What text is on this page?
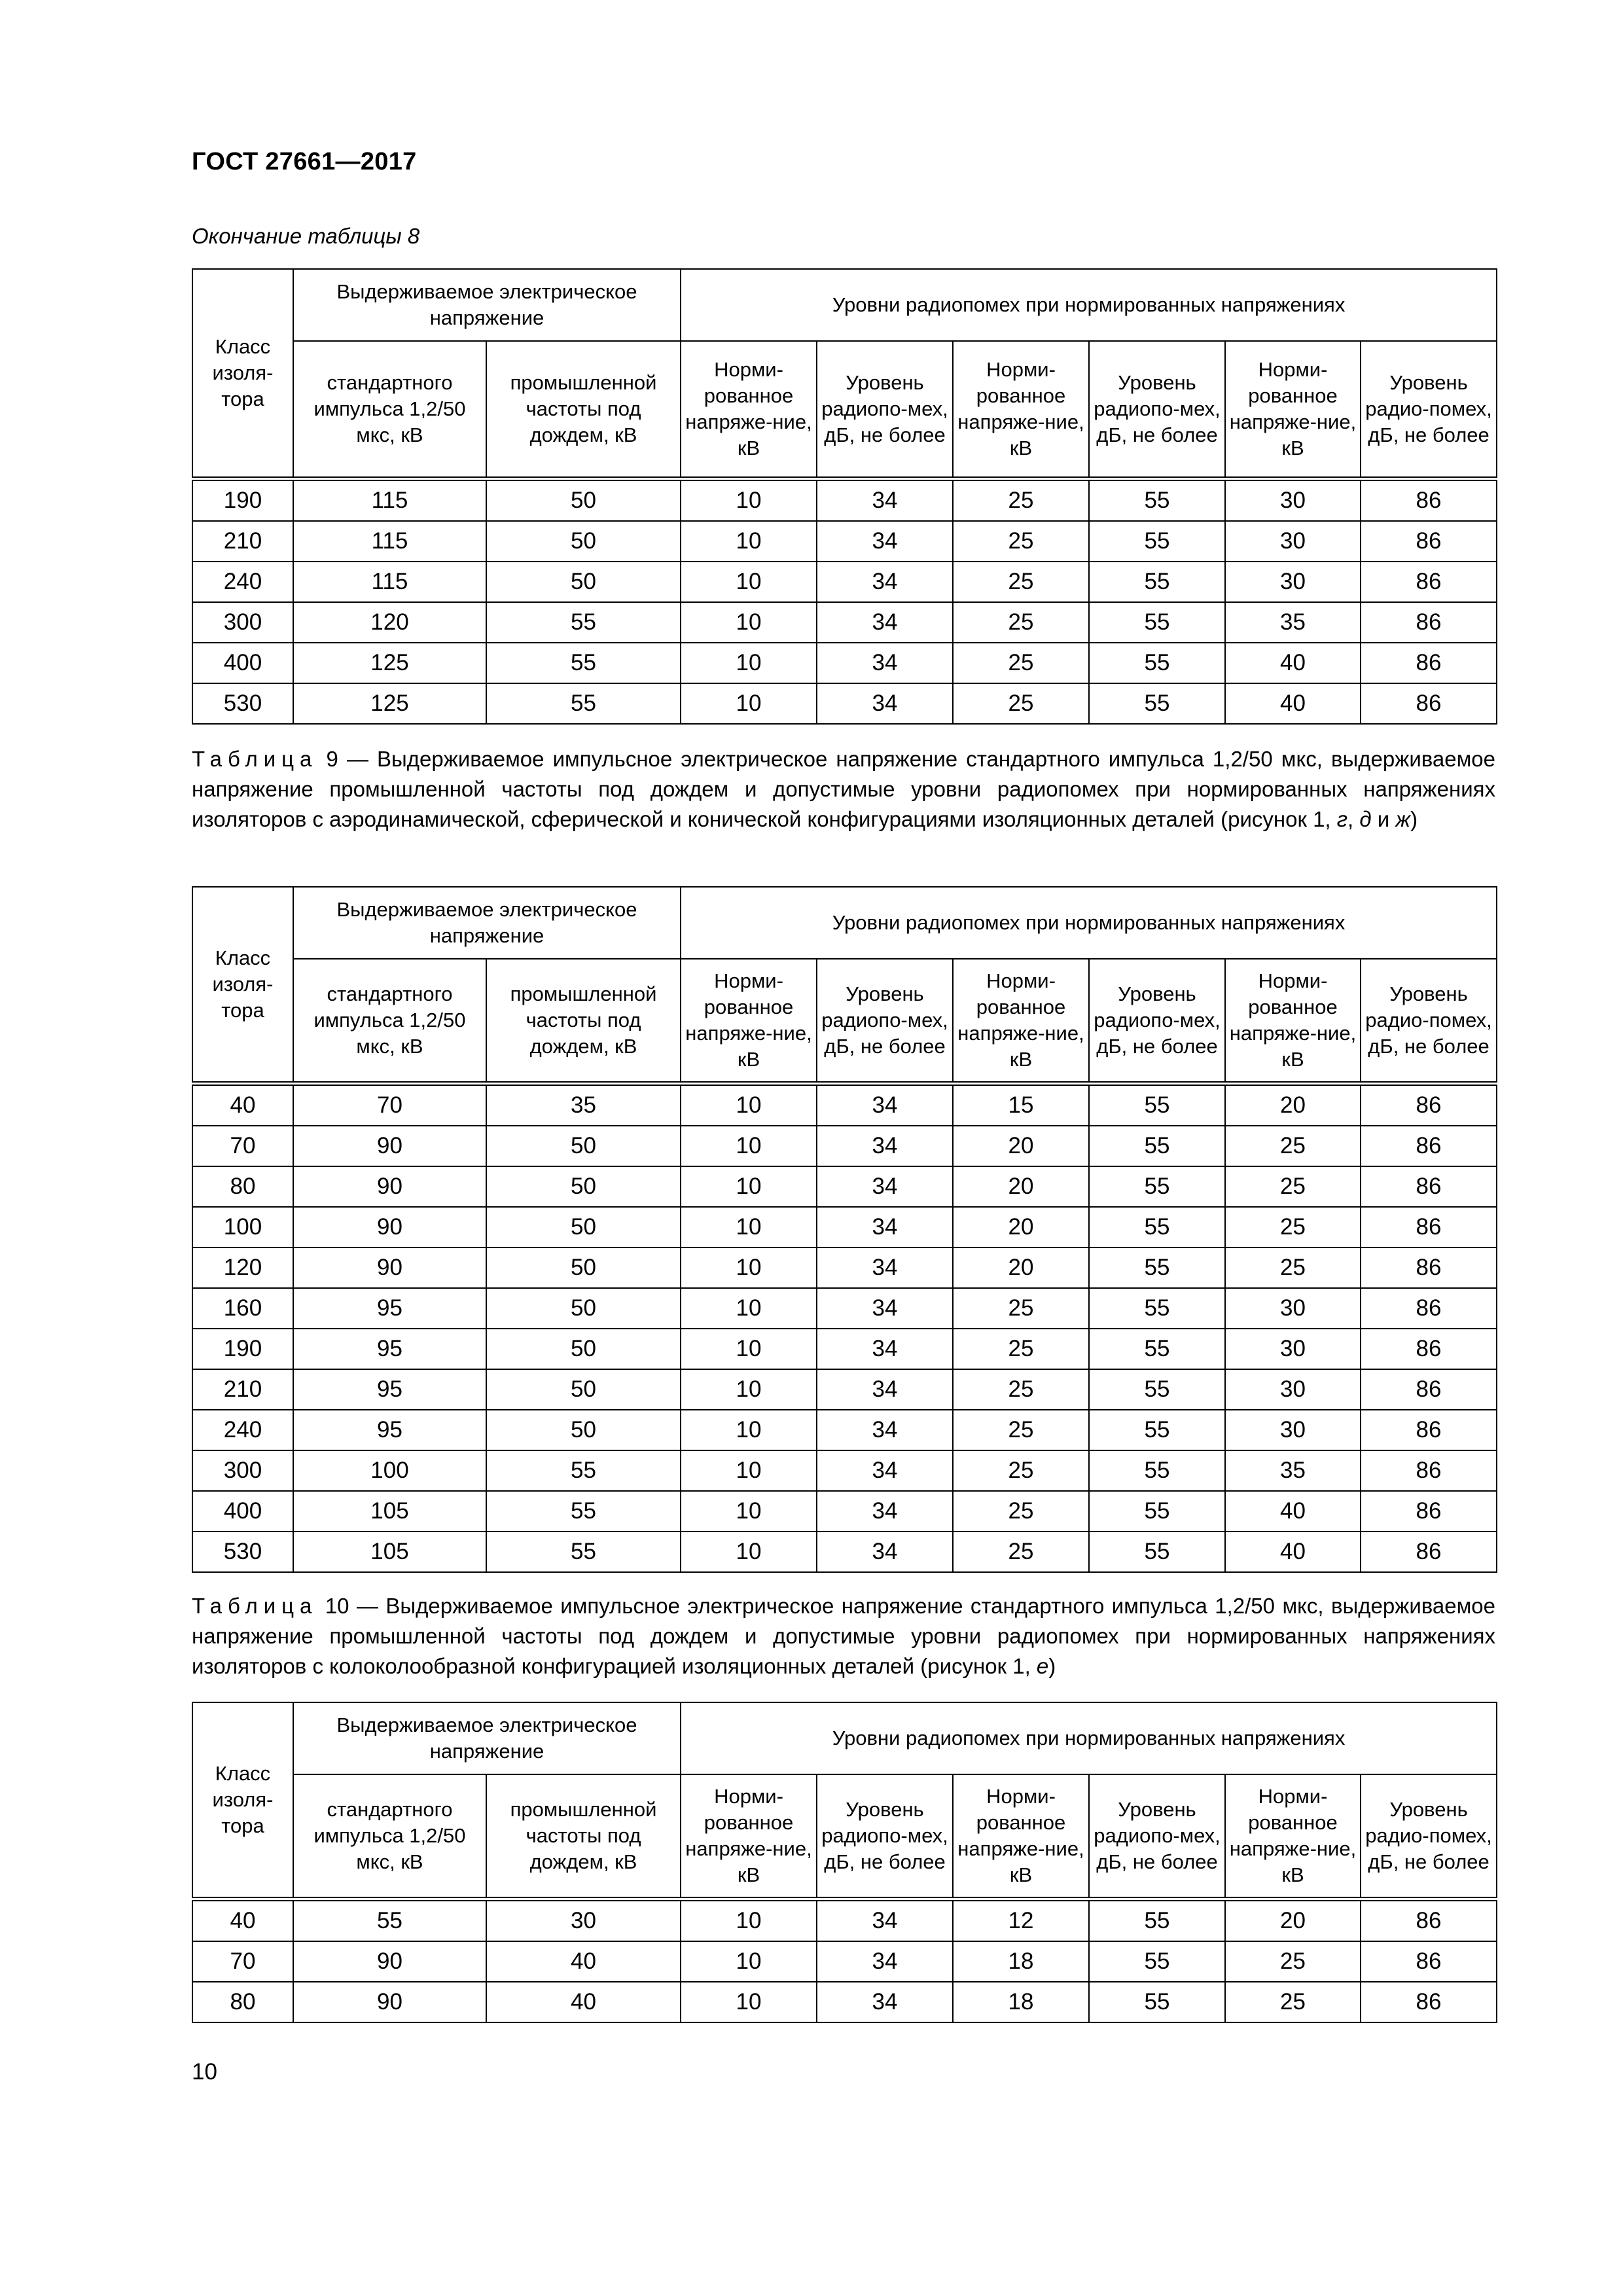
ГОСТ 27661—2017
Окончание таблицы 8
Класс изоля-тора	Выдерживаемое электрическое напряжение		Уровни радиопомех при нормированных напряжениях					
	стандартного импульса 1,2/50 мкс, кВ	промышленной частоты под дождем, кВ	Норми-рованное напряже-ние, кВ	Уровень радиопо-мех, дБ, не более	Норми-рованное напряже-ние, кВ	Уровень радиопо-мех, дБ, не более	Норми-рованное напряже-ние, кВ	Уровень радио-помех, дБ, не более
190	115	50	10	34	25	55	30	86
210	115	50	10	34	25	55	30	86
240	115	50	10	34	25	55	30	86
300	120	55	10	34	25	55	35	86
400	125	55	10	34	25	55	40	86
530	125	55	10	34	25	55	40	86
Таблица 9 — Выдерживаемое импульсное электрическое напряжение стандартного импульса 1,2/50 мкс, выдерживаемое напряжение промышленной частоты под дождем и допустимые уровни радиопомех при нормированных напряжениях изоляторов с аэродинамической, сферической и конической конфигурациями изоляционных деталей (рисунок 1, г, д и ж)
Класс изоля-тора	Выдерживаемое электрическое напряжение		Уровни радиопомех при нормированных напряжениях					
	стандартного импульса 1,2/50 мкс, кВ	промышленной частоты под дождем, кВ	Норми-рованное напряже-ние, кВ	Уровень радиопо-мех, дБ, не более	Норми-рованное напряже-ние, кВ	Уровень радиопо-мех, дБ, не более	Норми-рованное напряже-ние, кВ	Уровень радио-помех, дБ, не более
40	70	35	10	34	15	55	20	86
70	90	50	10	34	20	55	25	86
80	90	50	10	34	20	55	25	86
100	90	50	10	34	20	55	25	86
120	90	50	10	34	20	55	25	86
160	95	50	10	34	25	55	30	86
190	95	50	10	34	25	55	30	86
210	95	50	10	34	25	55	30	86
240	95	50	10	34	25	55	30	86
300	100	55	10	34	25	55	35	86
400	105	55	10	34	25	55	40	86
530	105	55	10	34	25	55	40	86
Таблица 10 — Выдерживаемое импульсное электрическое напряжение стандартного импульса 1,2/50 мкс, выдерживаемое напряжение промышленной частоты под дождем и допустимые уровни радиопомех при нормированных напряжениях изоляторов с колоколообразной конфигурацией изоляционных деталей (рисунок 1, е)
Класс изоля-тора	Выдерживаемое электрическое напряжение		Уровни радиопомех при нормированных напряжениях					
	стандартного импульса 1,2/50 мкс, кВ	промышленной частоты под дождем, кВ	Норми-рованное напряже-ние, кВ	Уровень радиопо-мех, дБ, не более	Норми-рованное напряже-ние, кВ	Уровень радиопо-мех, дБ, не более	Норми-рованное напряже-ние, кВ	Уровень радио-помех, дБ, не более
40	55	30	10	34	12	55	20	86
70	90	40	10	34	18	55	25	86
80	90	40	10	34	18	55	25	86
10
